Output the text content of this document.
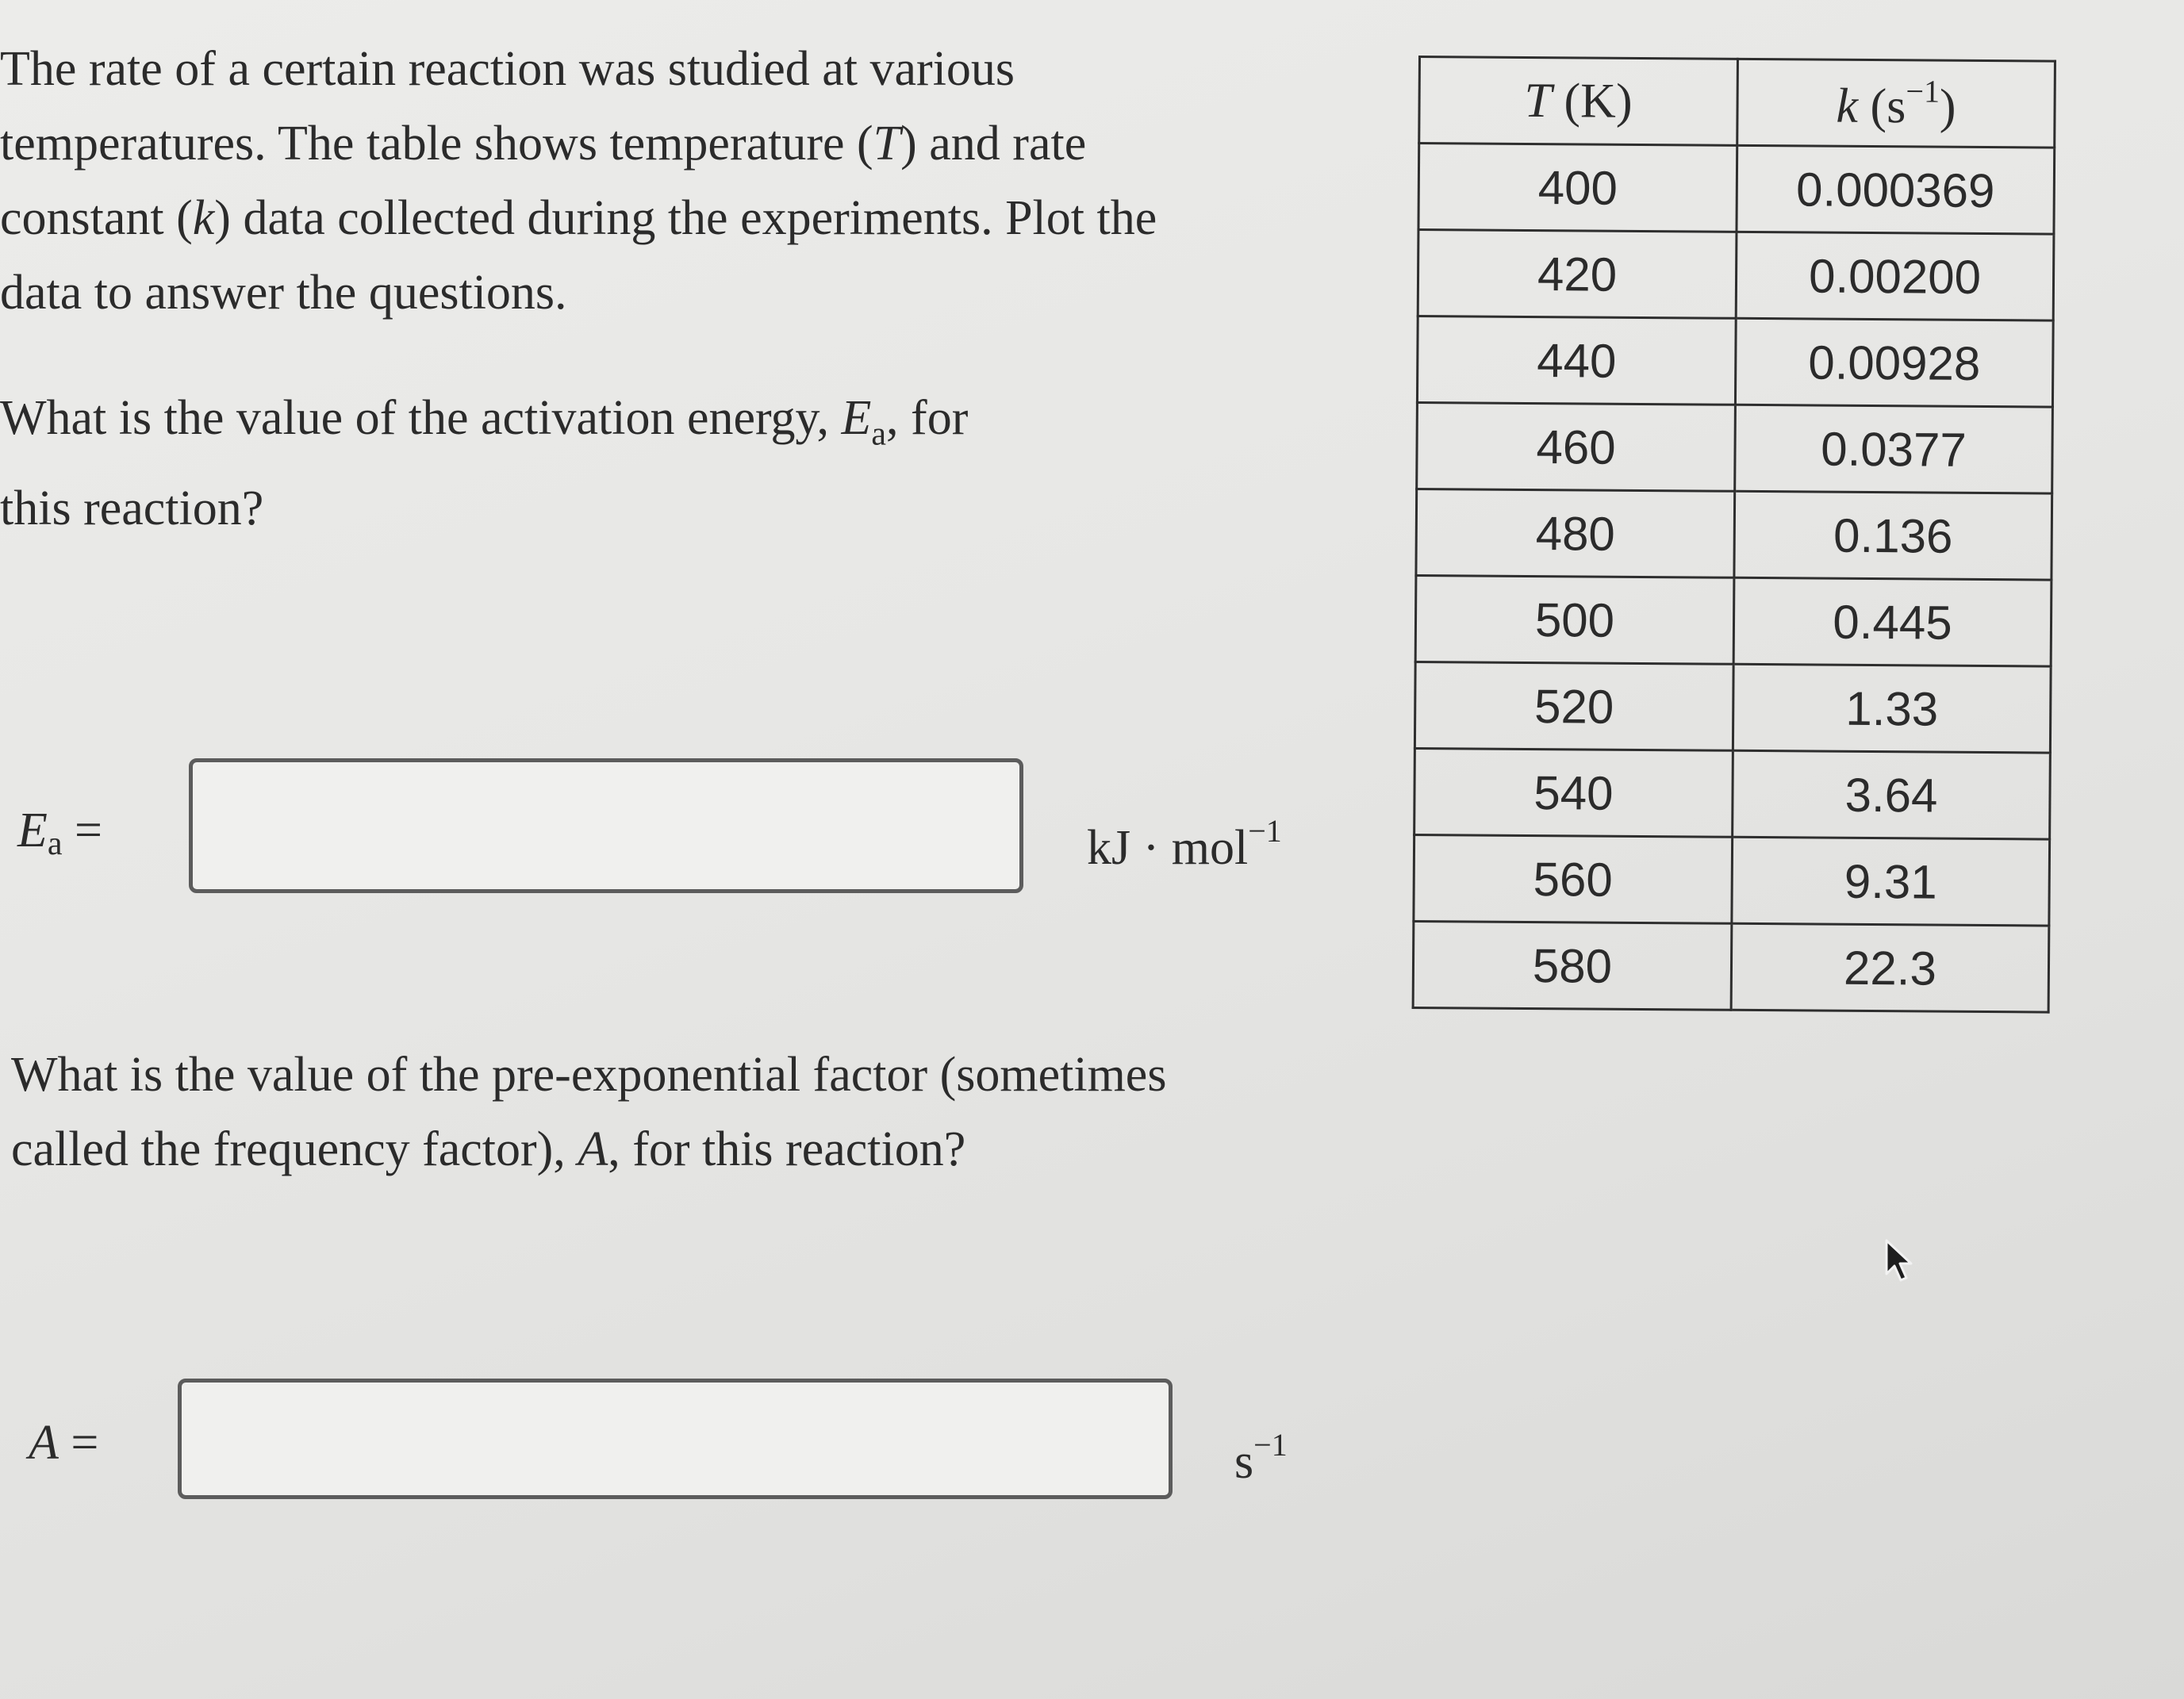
The rate of a certain reaction was studied at various
temperatures. The table shows temperature (T) and rate
constant (k) data collected during the experiments. Plot the
data to answer the questions.

What is the value of the activation energy, $E_a$, for
this reaction?

$E_a$ =	kJ · mol$^{-1}$

What is the value of the pre-exponential factor (sometimes
called the frequency factor), A, for this reaction?

A =	$s^{-1}$
T (K)	k $(s^{-1})$
400	0.000369
420	0.00200
440	0.00928
460	0.0377
480	0.136
500	0.445
520	1.33
540	3.64
560	9.31
580	22.3
